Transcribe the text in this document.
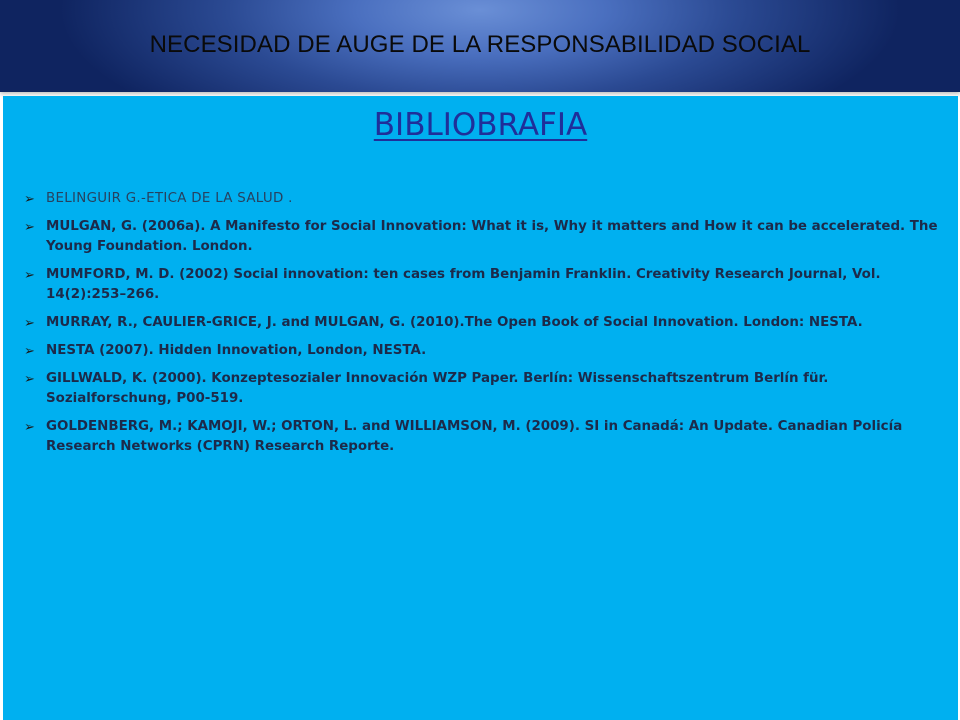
NECESIDAD DE AUGE DE LA RESPONSABILIDAD SOCIAL
BIBLIOBRAFIA
➢ BELINGUIR G.-ETICA DE LA SALUD .
➢ MULGAN, G. (2006a). A Manifesto for Social Innovation: What it is, Why it matters and How it can be accelerated. The Young Foundation. London.
➢ MUMFORD, M. D. (2002) Social innovation: ten cases from Benjamin Franklin. Creativity Research Journal, Vol. 14(2):253–266.
➢ MURRAY, R., CAULIER-GRICE, J. and MULGAN, G. (2010).The Open Book of Social Innovation. London: NESTA.
➢ NESTA (2007). Hidden Innovation, London, NESTA.
➢ GILLWALD, K. (2000). Konzeptesozialer Innovación WZP Paper. Berlín: Wissenschaftszentrum Berlín für. Sozialforschung, P00-519.
➢ GOLDENBERG, M.; KAMOJI, W.; ORTON, L. and WILLIAMSON, M. (2009). SI in Canadá: An Update. Canadian Policía Research Networks (CPRN) Research Reporte.
